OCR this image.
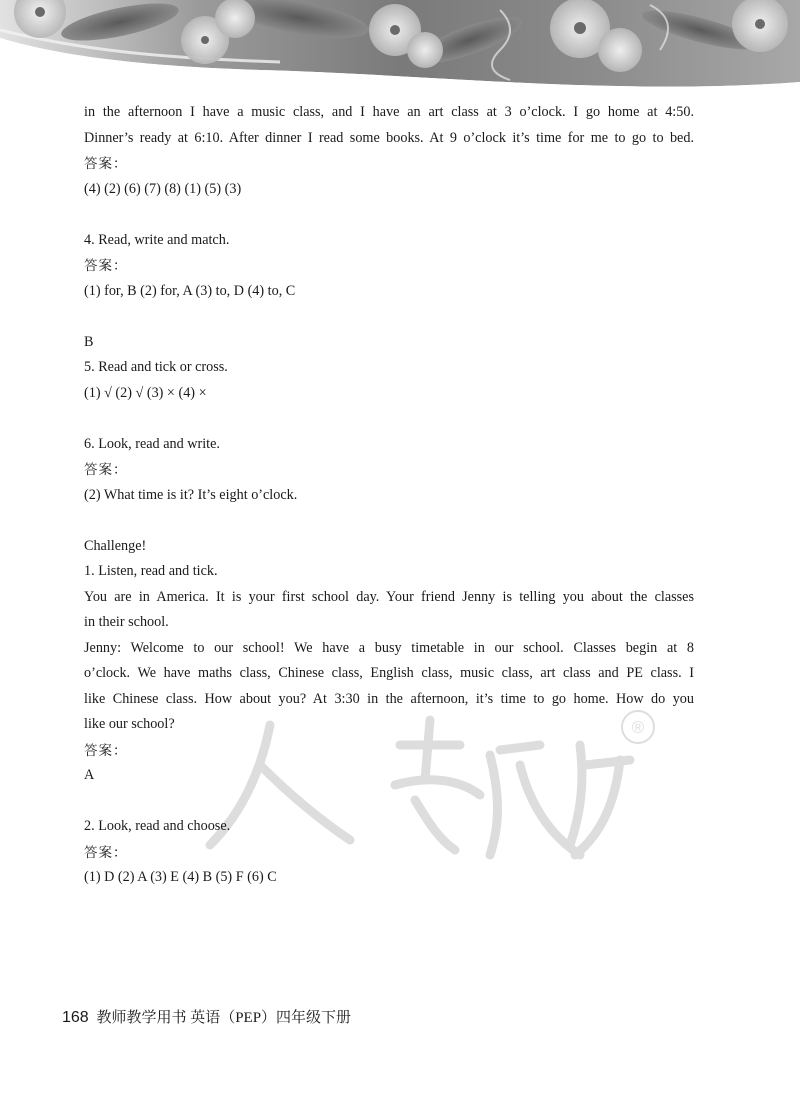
®
in the afternoon I have a music class, and I have an art class at 3 o’clock. I go home at 4:50.
Dinner’s ready at 6:10. After dinner I read some books. At 9 o’clock it’s time for me to go to bed.
答案：
(4) (2) (6) (7) (8) (1) (5) (3)
4. Read, write and match.
答案：
(1) for, B (2) for, A (3) to, D (4) to, C
B
5. Read and tick or cross.
(1) √ (2) √ (3) × (4) ×
6. Look, read and write.
答案：
(2) What time is it? It’s eight o’clock.
Challenge!
1. Listen, read and tick.
You are in America. It is your first school day. Your friend Jenny is telling you about the classes
in their school.
Jenny: Welcome to our school! We have a busy timetable in our school. Classes begin at 8
o’clock. We have maths class, Chinese class, English class, music class, art class and PE class. I
like Chinese class. How about you? At 3:30 in the afternoon, it’s time to go home. How do you
like our school?
答案：
A
2. Look, read and choose.
答案：
(1) D (2) A (3) E (4) B (5) F (6) C
168 教师教学用书 英语（PEP）四年级下册
